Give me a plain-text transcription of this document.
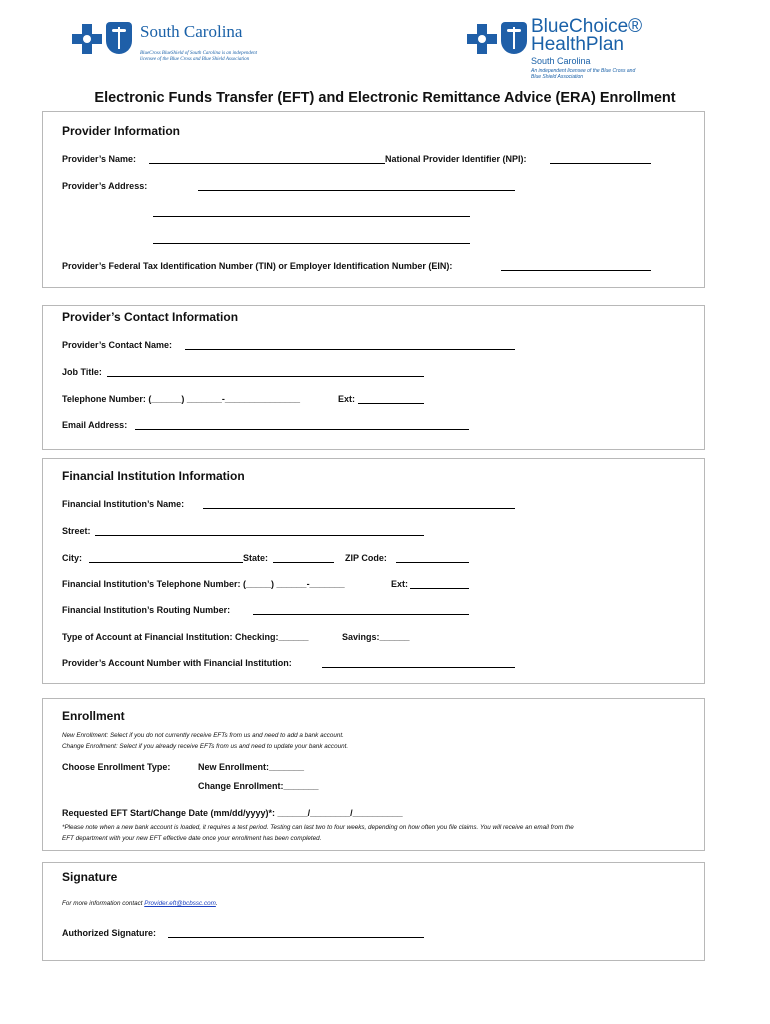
South Carolina
BlueCross BlueShield of South Carolina is an independent licensee of the Blue Cross and Blue Shield Association
BlueChoice®
HealthPlan
South Carolina
An independent licensee of the Blue Cross and Blue Shield Association
Electronic Funds Transfer (EFT) and Electronic Remittance Advice (ERA) Enrollment
Provider Information
Provider’s Name:	National Provider Identifier (NPI):
Provider’s Address:
Provider’s Federal Tax Identification Number (TIN) or Employer Identification Number (EIN):
Provider’s Contact Information
Provider’s Contact Name:
Job Title:
Telephone Number: (______) _______-_______________	Ext:
Email Address:
Financial Institution Information
Financial Institution’s Name:
Street:
City:	State:	ZIP Code:
Financial Institution’s Telephone Number: (_____) ______-_______	Ext:
Financial Institution’s Routing Number:
Type of Account at Financial Institution: Checking:______	Savings:______
Provider’s Account Number with Financial Institution:
Enrollment
New Enrollment: Select if you do not currently receive EFTs from us and need to add a bank account.
Change Enrollment: Select if you already receive EFTs from us and need to update your bank account.
Choose Enrollment Type:	New Enrollment:_______
Change Enrollment:_______
Requested EFT Start/Change Date (mm/dd/yyyy)*: ______/________/__________
*Please note when a new bank account is loaded, it requires a test period. Testing can last two to four weeks, depending on how often you file claims. You will receive an email from the
EFT department with your new EFT effective date once your enrollment has been completed.
Signature
For more information contact Provider.eft@bcbssc.com.
Authorized Signature:
